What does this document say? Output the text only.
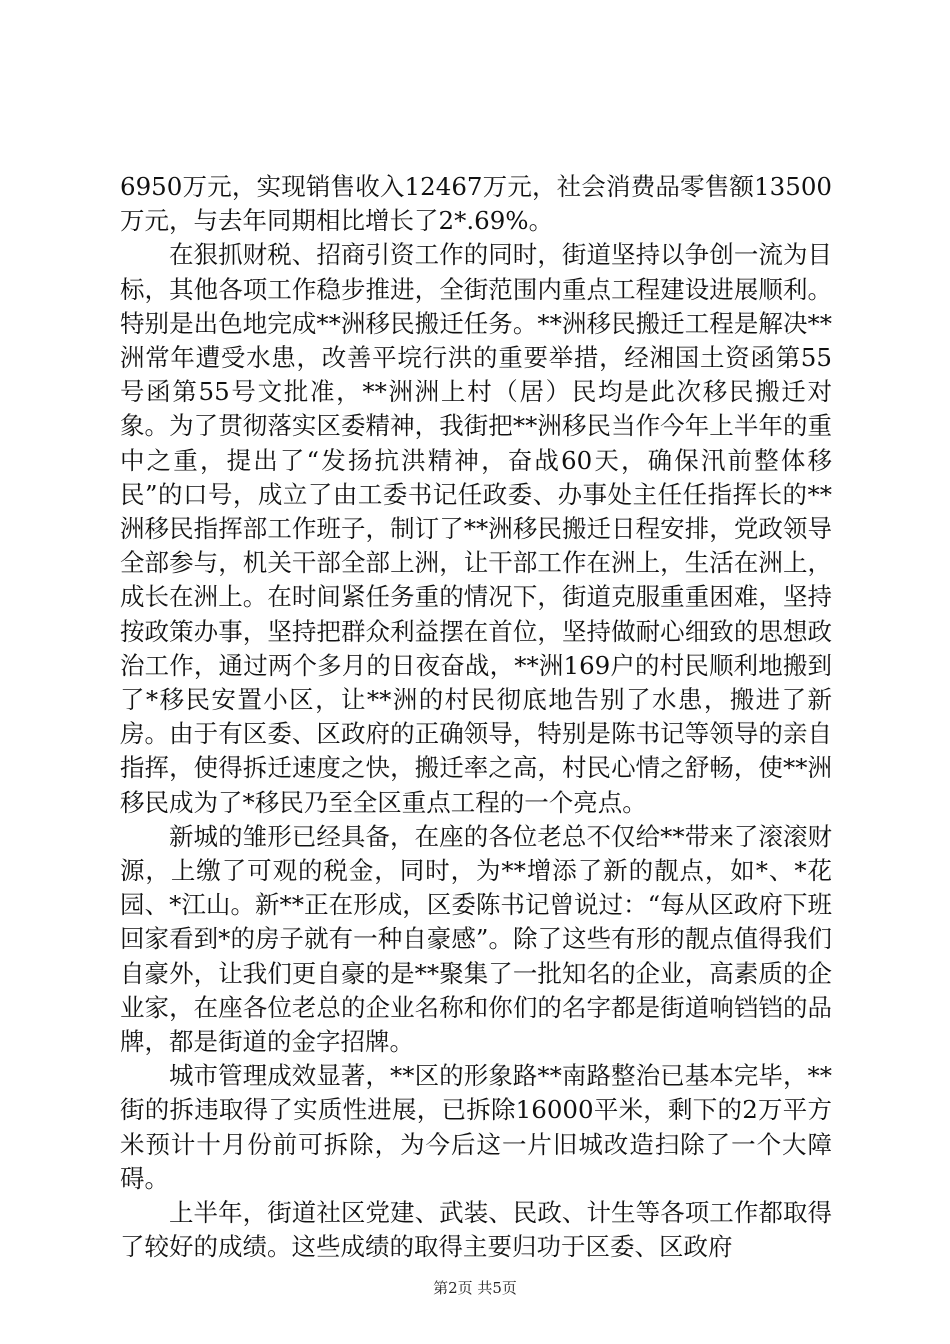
6950万元，实现销售收入12467万元，社会消费品零售额13500万元，与去年同期相比增长了2*.69%。

在狠抓财税、招商引资工作的同时，街道坚持以争创一流为目标，其他各项工作稳步推进，全街范围内重点工程建设进展顺利。特别是出色地完成**洲移民搬迁任务。**洲移民搬迁工程是解决**洲常年遭受水患，改善平垸行洪的重要举措，经湘国土资函第55号函第55号文批准，**洲洲上村（居）民均是此次移民搬迁对象。为了贯彻落实区委精神，我街把**洲移民当作今年上半年的重中之重，提出了“发扬抗洪精神，奋战60天，确保汛前整体移民”的口号，成立了由工委书记任政委、办事处主任任指挥长的**洲移民指挥部工作班子，制订了**洲移民搬迁日程安排，党政领导全部参与，机关干部全部上洲，让干部工作在洲上，生活在洲上，成长在洲上。在时间紧任务重的情况下，街道克服重重困难，坚持按政策办事，坚持把群众利益摆在首位，坚持做耐心细致的思想政治工作，通过两个多月的日夜奋战，**洲169户的村民顺利地搬到了*移民安置小区，让**洲的村民彻底地告别了水患，搬进了新房。由于有区委、区政府的正确领导，特别是陈书记等领导的亲自指挥，使得拆迁速度之快，搬迁率之高，村民心情之舒畅，使**洲移民成为了*移民乃至全区重点工程的一个亮点。

新城的雏形已经具备，在座的各位老总不仅给**带来了滚滚财源，上缴了可观的税金，同时，为**增添了新的靓点，如*、*花园、*江山。新**正在形成，区委陈书记曾说过：“每从区政府下班回家看到*的房子就有一种自豪感”。除了这些有形的靓点值得我们自豪外，让我们更自豪的是**聚集了一批知名的企业，高素质的企业家，在座各位老总的企业名称和你们的名字都是街道响铛铛的品牌，都是街道的金字招牌。

城市管理成效显著，**区的形象路**南路整治已基本完毕，**街的拆违取得了实质性进展，已拆除16000平米，剩下的2万平方米预计十月份前可拆除，为今后这一片旧城改造扫除了一个大障碍。

上半年，街道社区党建、武装、民政、计生等各项工作都取得了较好的成绩。这些成绩的取得主要归功于区委、区政府

第2页 共5页
